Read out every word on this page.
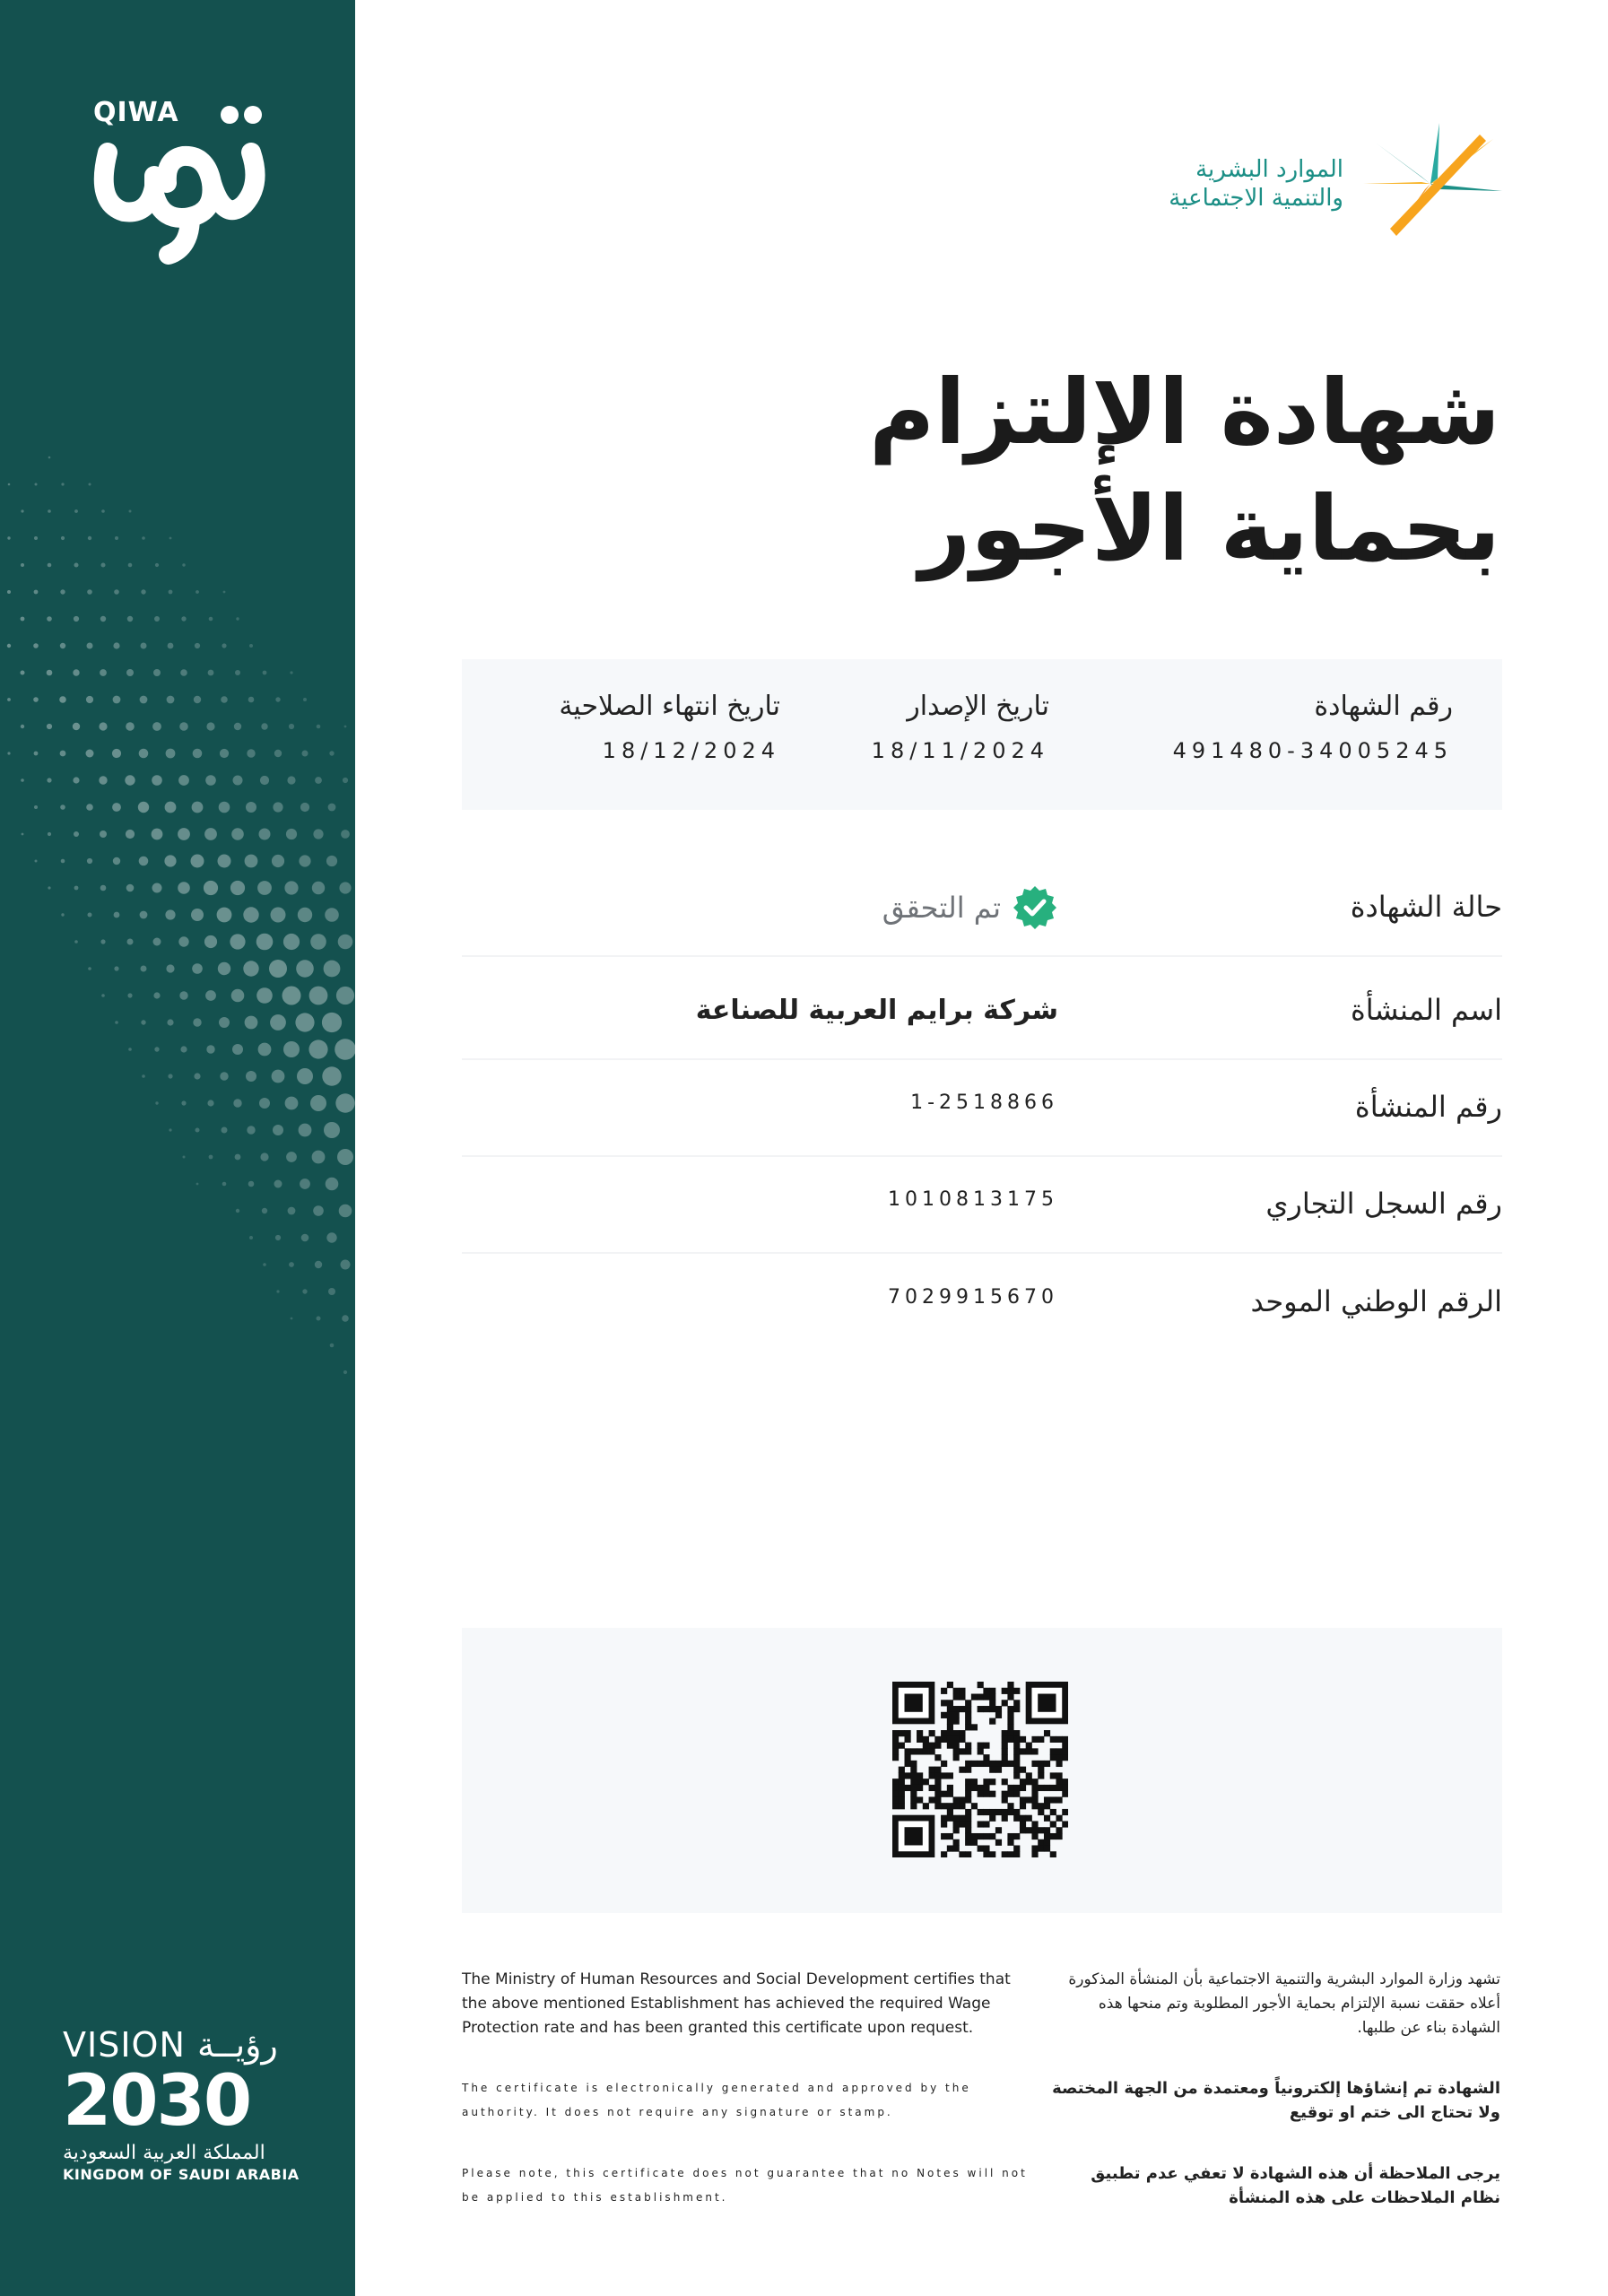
QIWA
VISION رؤيــة
2030
المملكة العربية السعودية
KINGDOM OF SAUDI ARABIA
الموارد البشرية
والتنمية الاجتماعية
شهادة الإلتزام بحماية الأجور
رقم الشهادة
491480-34005245
تاريخ الإصدار
18/11/2024
تاريخ انتهاء الصلاحية
18/12/2024
حالة الشهادة
تم التحقق
اسم المنشأة
شركة برايم العربية للصناعة
رقم المنشأة
1-2518866
رقم السجل التجاري
1010813175
الرقم الوطني الموحد
7029915670
The Ministry of Human Resources and Social Development certifies that the above mentioned Establishment has achieved the required Wage Protection rate and has been granted this certificate upon request.
The certificate is electronically generated and approved by the authority. It does not require any signature or stamp.
Please note, this certificate does not guarantee that no Notes will not be applied to this establishment.
تشهد وزارة الموارد البشرية والتنمية الاجتماعية بأن المنشأة المذكورة أعلاه حققت نسبة الإلتزام بحماية الأجور المطلوبة وتم منحها هذه الشهادة بناء عن طلبها.
الشهادة تم إنشاؤها إلكترونياً ومعتمدة من الجهة المختصة ولا تحتاج الى ختم او توقيع
يرجى الملاحظة أن هذه الشهادة لا تعفي عدم تطبيق نظام الملاحظات على هذه المنشأة
